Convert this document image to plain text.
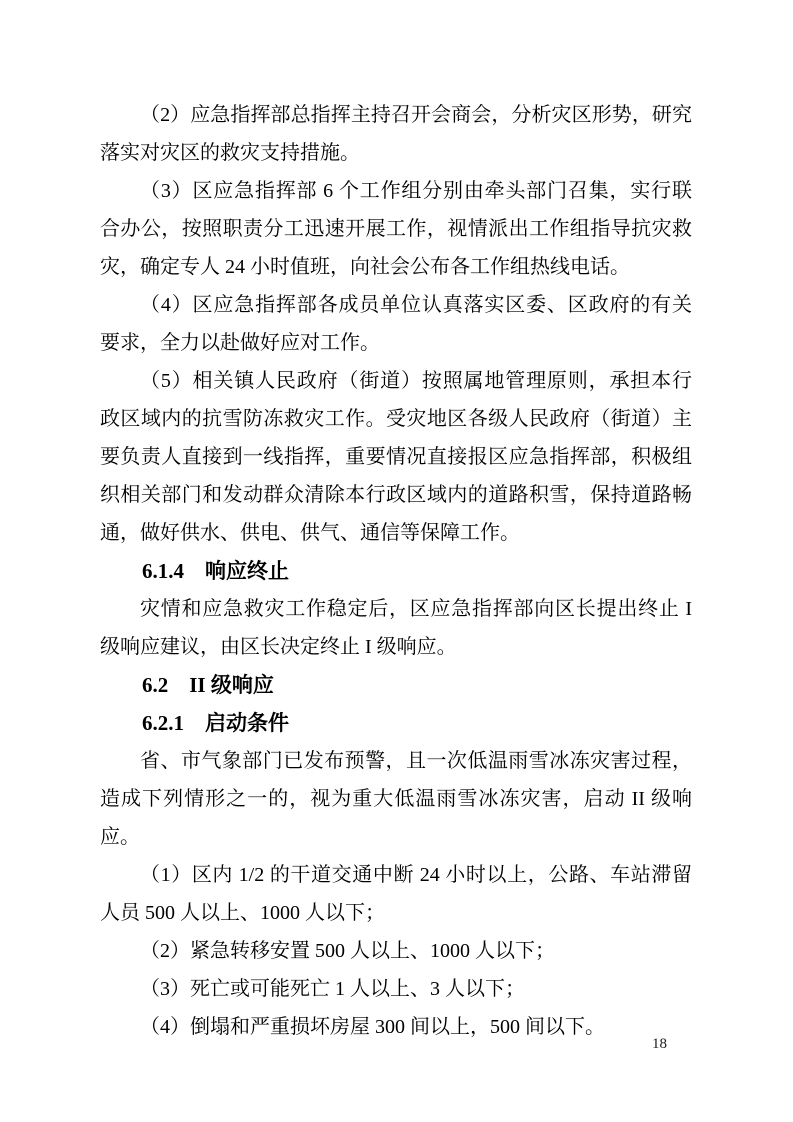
（2）应急指挥部总指挥主持召开会商会，分析灾区形势，研究
落实对灾区的救灾支持措施。
（3）区应急指挥部 6 个工作组分别由牵头部门召集，实行联
合办公，按照职责分工迅速开展工作，视情派出工作组指导抗灾救
灾，确定专人 24 小时值班，向社会公布各工作组热线电话。
（4）区应急指挥部各成员单位认真落实区委、区政府的有关
要求，全力以赴做好应对工作。
（5）相关镇人民政府（街道）按照属地管理原则，承担本行
政区域内的抗雪防冻救灾工作。受灾地区各级人民政府（街道）主
要负责人直接到一线指挥，重要情况直接报区应急指挥部，积极组
织相关部门和发动群众清除本行政区域内的道路积雪，保持道路畅
通，做好供水、供电、供气、通信等保障工作。
6.1.4　响应终止
灾情和应急救灾工作稳定后，区应急指挥部向区长提出终止 I
级响应建议，由区长决定终止 I 级响应。
6.2　II 级响应
6.2.1　启动条件
省、市气象部门已发布预警，且一次低温雨雪冰冻灾害过程，
造成下列情形之一的，视为重大低温雨雪冰冻灾害，启动 II 级响应。
（1）区内 1/2 的干道交通中断 24 小时以上，公路、车站滞留
人员 500 人以上、1000 人以下；
（2）紧急转移安置 500 人以上、1000 人以下；
（3）死亡或可能死亡 1 人以上、3 人以下；
（4）倒塌和严重损坏房屋 300 间以上，500 间以下。
18
